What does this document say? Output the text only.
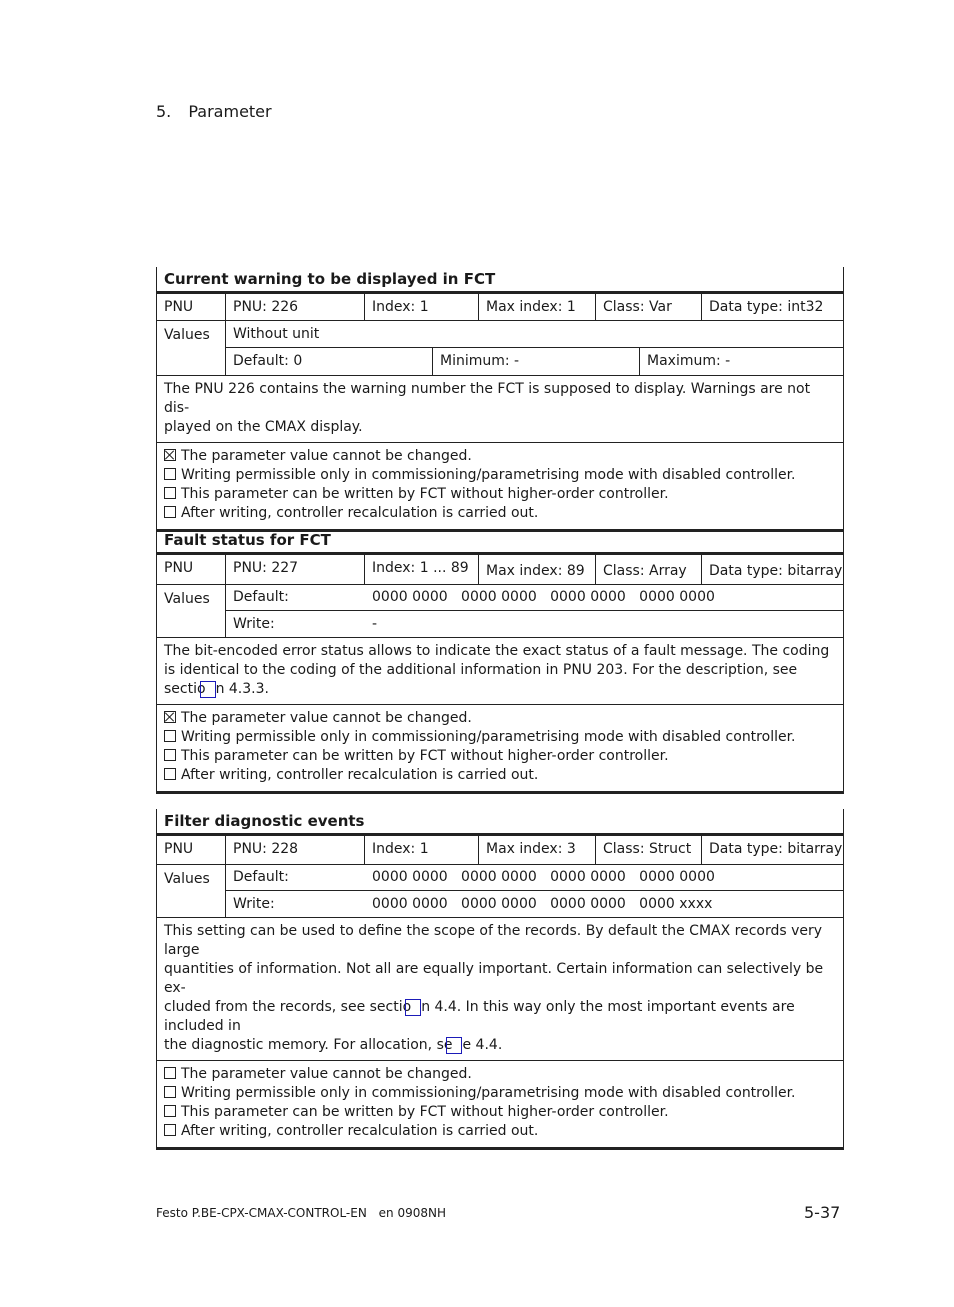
5. Parameter
Current warning to be displayed in FCT
PNU	PNU: 226	Index: 1	Max index: 1	Class: Var	Data type: int32
Values	Without unit
Default: 0	Minimum: -	Maximum: -
The PNU 226 contains the warning number the FCT is supposed to display. Warnings are not dis-
played on the CMAX display.
The parameter value cannot be changed.
Writing permissible only in commissioning/parametrising mode with disabled controller.
This parameter can be written by FCT without higher-order controller.
After writing, controller recalculation is carried out.
Fault status for FCT
PNU	PNU: 227	Index: 1 ... 89	Max index: 89	Class: Array	Data type: bitarray
Values	Default:	0000 0000   0000 0000   0000 0000   0000 0000
Write:	-
The bit-encoded error status allows to indicate the exact status of a fault message. The coding
is identical to the coding of the additional information in PNU 203. For the description, see
sectio n 4.3.3.
The parameter value cannot be changed.
Writing permissible only in commissioning/parametrising mode with disabled controller.
This parameter can be written by FCT without higher-order controller.
After writing, controller recalculation is carried out.
Filter diagnostic events
PNU	PNU: 228	Index: 1	Max index: 3	Class: Struct	Data type: bitarray
Values	Default:	0000 0000   0000 0000   0000 0000   0000 0000
Write:	0000 0000   0000 0000   0000 0000   0000 xxxx
This setting can be used to define the scope of the records. By default the CMAX records very large
quantities of information. Not all are equally important. Certain information can selectively be ex-
cluded from the records, see sectio n 4.4. In this way only the most important events are included in
the diagnostic memory. For allocation, se e 4.4.
The parameter value cannot be changed.
Writing permissible only in commissioning/parametrising mode with disabled controller.
This parameter can be written by FCT without higher-order controller.
After writing, controller recalculation is carried out.
Festo P.BE-CPX-CMAX-CONTROL-EN en 0908NH	5-37
